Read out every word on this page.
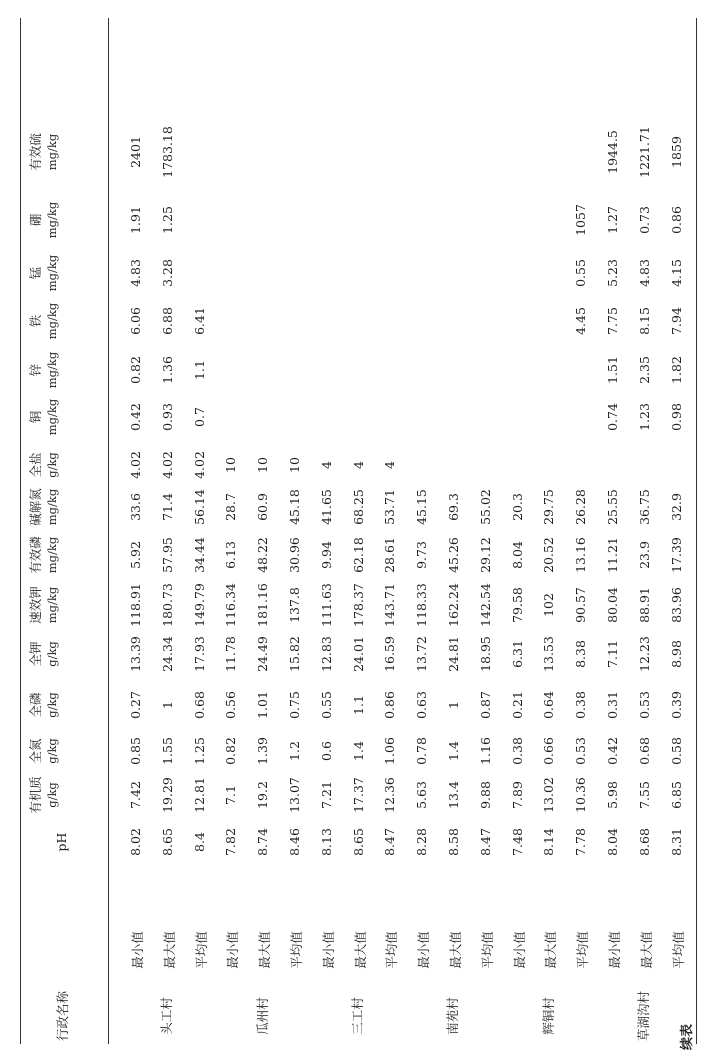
续表
行政名称
pH
有机质 g/kg
全氮 g/kg
全磷 g/kg
全钾 g/kg
速效钾 mg/kg
有效磷 mg/kg
碱解氮 mg/kg
全盐 g/kg
铜 mg/kg
锌 mg/kg
铁 mg/kg
锰 mg/kg
硼 mg/kg
有效硫 mg/kg
最小值
8.02
7.42
0.85
0.27
13.39
118.91
5.92
33.6
4.02
0.42
0.82
6.06
4.83
1.91
2401
最大值
8.65
19.29
1.55
1
24.34
180.73
57.95
71.4
4.02
0.93
1.36
6.88
3.28
1.25
1783.18
平均值
8.4
12.81
1.25
0.68
17.93
149.79
34.44
56.14
4.02
0.7
1.1
6.41
头工村
最小值
7.82
7.1
0.82
0.56
11.78
116.34
6.13
28.7
10
最大值
8.74
19.2
1.39
1.01
24.49
181.16
48.22
60.9
10
平均值
8.46
13.07
1.2
0.75
15.82
137.8
30.96
45.18
10
瓜州村
最小值
8.13
7.21
0.6
0.55
12.83
111.63
9.94
41.65
4
最大值
8.65
17.37
1.4
1.1
24.01
178.37
62.18
68.25
4
平均值
8.47
12.36
1.06
0.86
16.59
143.71
28.61
53.71
4
三工村
最小值
8.28
5.63
0.78
0.63
13.72
118.33
9.73
45.15
最大值
8.58
13.4
1.4
1
24.81
162.24
45.26
69.3
平均值
8.47
9.88
1.16
0.87
18.95
142.54
29.12
55.02
南苑村
最小值
7.48
7.89
0.38
0.21
6.31
79.58
8.04
20.3
最大值
8.14
13.02
0.66
0.64
13.53
102
20.52
29.75
平均值
7.78
10.36
0.53
0.38
8.38
90.57
13.16
26.28
4.45
0.55
1057
辉铜村
最小值
8.04
5.98
0.42
0.31
7.11
80.04
11.21
25.55
0.74
1.51
7.75
5.23
1.27
1944.5
最大值
8.68
7.55
0.68
0.53
12.23
88.91
23.9
36.75
1.23
2.35
8.15
4.83
0.73
1221.71
平均值
8.31
6.85
0.58
0.39
8.98
83.96
17.39
32.9
0.98
1.82
7.94
4.15
0.86
1859
草湖沟村
